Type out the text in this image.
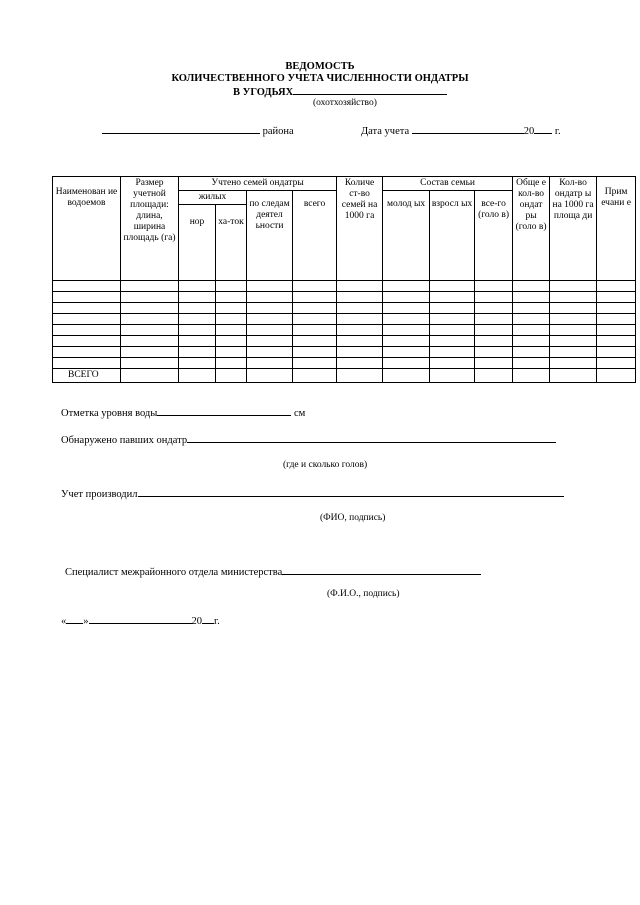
ВЕДОМОСТЬ
КОЛИЧЕСТВЕННОГО УЧЕТА ЧИСЛЕННОСТИ ОНДАТРЫ
В УГОДЬЯХ
(охотхозяйство)
района	Дата учета	20 г.
Наименован ие водоемов	Размер учетной площади: длина, ширина площадь (га)	Учтено семей ондатры				Количе ст-во семей на 1000 га	Состав семьи			Обще е кол-во ондат ры (голо в)	Кол-во ондатр ы на 1000 га площа ди	Прим ечани е
		жилых		по следам деятел ьности	всего		молод ых	взросл ых	все-го (голо в)			
		нор	ха-ток									

ВСЕГО												
Отметка уровня воды	см
Обнаружено павших ондатр
(где и сколько голов)
Учет производил
(ФИО, подпись)
Специалист межрайонного отдела министерства
(Ф.И.О., подпись)
« »	20 г.
